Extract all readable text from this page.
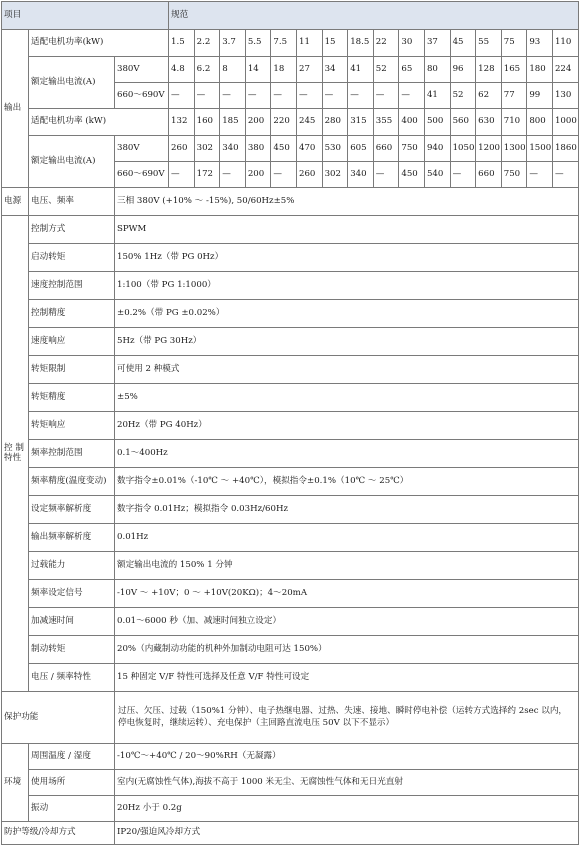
项目			规范															
输出	适配电机功率(kW)		1.5	2.2	3.7	5.5	7.5	11	15	18.5	22	30	37	45	55	75	93	110
	额定输出电流(A)	380V	4.8	6.2	8	14	18	27	34	41	52	65	80	96	128	165	180	224
		660～690V	—	—	—	—	—	—	—	—	—	—	41	52	62	77	99	130
	适配电机功率 (kW)		132	160	185	200	220	245	280	315	355	400	500	560	630	710	800	1000
	额定输出电流(A)	380V	260	302	340	380	450	470	530	605	660	750	940	1050	1200	1300	1500	1860
		660～690V	—	172	—	200	—	260	302	340	—	450	540	—	660	750	—	—
电源	电压、频率	三相 380V (+10% ～ -15%), 50/60Hz±5%																
控 制
特性	控制方式	SPWM																
	启动转矩	150% 1Hz（带 PG 0Hz）																
	速度控制范围	1:100（带 PG 1:1000）																
	控制精度	±0.2%（带 PG ±0.02%）																
	速度响应	5Hz（带 PG 30Hz）																
	转矩限制	可使用 2 种模式																
	转矩精度	±5%																
	转矩响应	20Hz（带 PG 40Hz）																
	频率控制范围	0.1～400Hz																
	频率精度(温度变动)	数字指令±0.01%（-10℃ ～ +40℃），模拟指令±0.1%（10℃ ～ 25℃）																
	设定频率解析度	数字指令 0.01Hz；模拟指令 0.03Hz/60Hz																
	输出频率解析度	0.01Hz																
	过载能力	额定输出电流的 150% 1 分钟																
	频率设定信号	-10V ～ +10V；0 ～ +10V(20KΩ)；4～20mA																
	加减速时间	0.01～6000 秒（加、减速时间独立设定）																
	制动转矩	20%（内藏制动功能的机种外加制动电阻可达 150%）																
	电压 / 频率特性	15 种固定 V/F 特性可选择及任意 V/F 特性可设定																
保护功能		过压、欠压、过载（150%1 分钟）、电子热继电器、过热、失速、接地、瞬时停电补偿（运转方式选择约 2sec 以内，停电恢复时，继续运转）、充电保护（主回路直流电压 50V 以下不显示）																
环境	周围温度 / 湿度	-10℃～+40℃ / 20～90%RH（无凝露）																
	使用场所	室内(无腐蚀性气体),海拔不高于 1000 米无尘、无腐蚀性气体和无日光直射																
	振动	20Hz 小于 0.2g																
防护等级/冷却方式		IP20/强迫风冷却方式																
